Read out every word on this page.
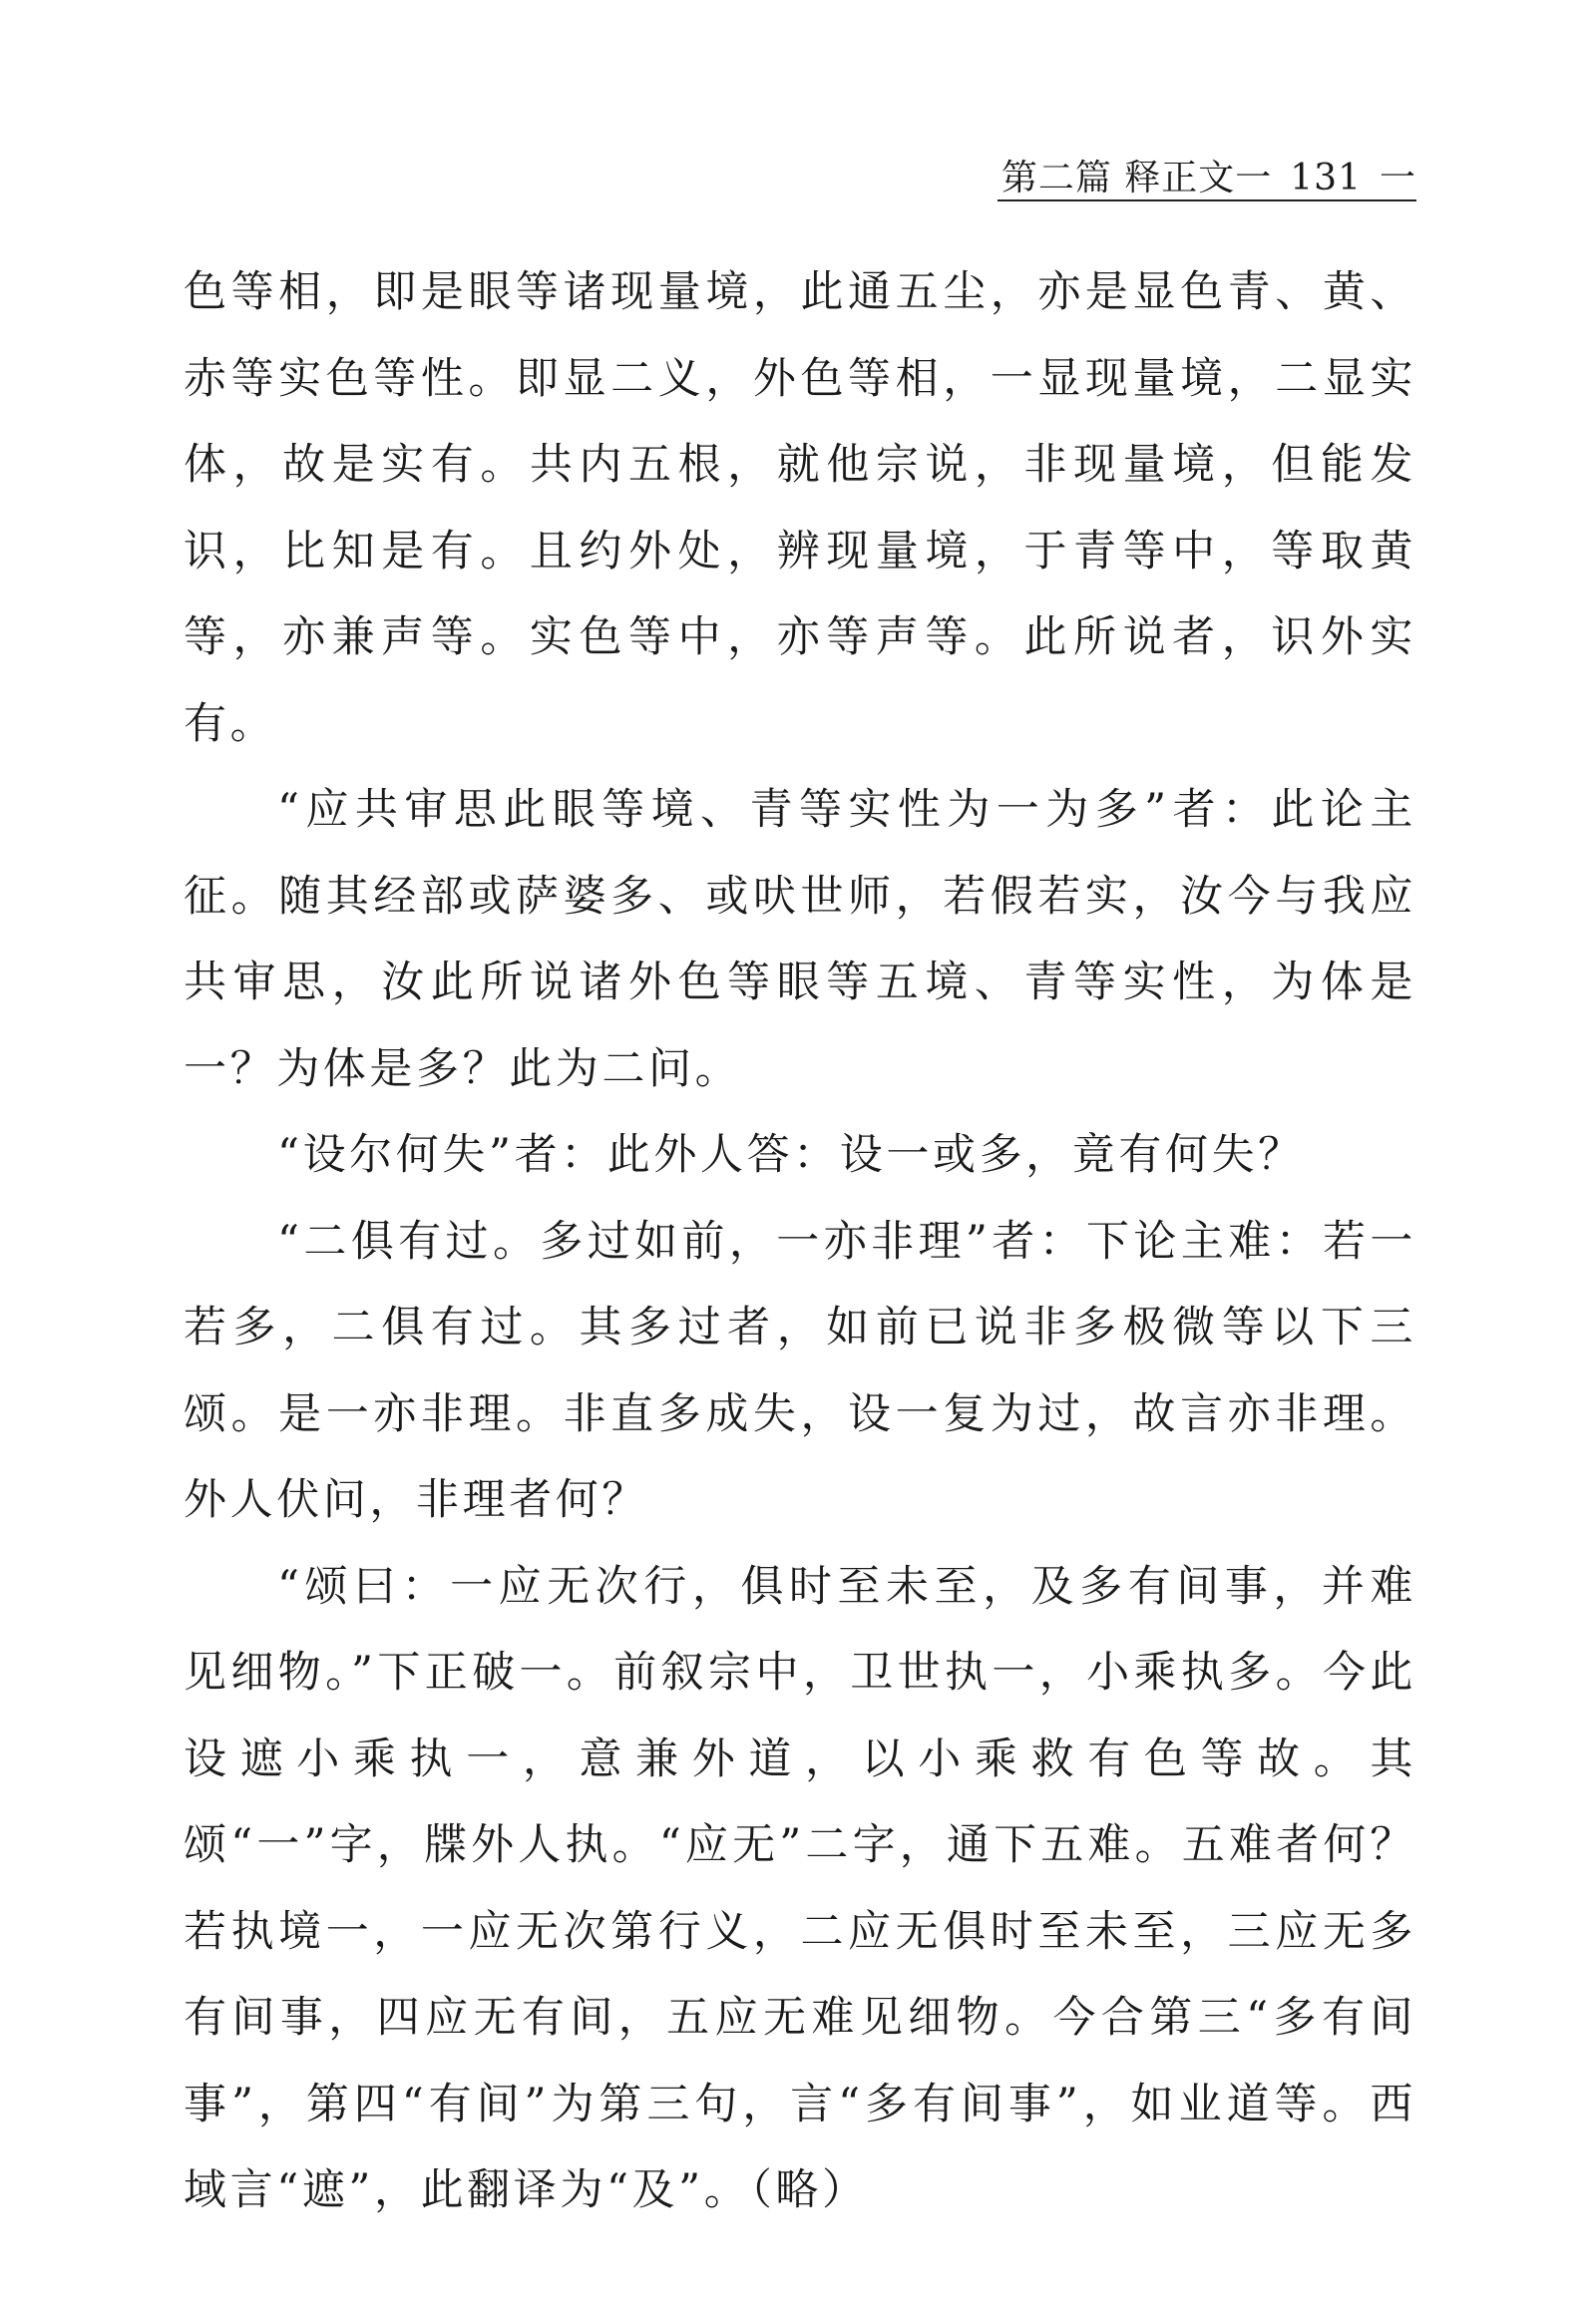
第二篇 释正文一 131 一

色等相，即是眼等诸现量境，此通五尘，亦是显色青、黄、赤等实色等性。即显二义，外色等相，一显现量境，二显实体，故是实有。共内五根，就他宗说，非现量境，但能发识，比知是有。且约外处，辨现量境，于青等中，等取黄等，亦兼声等。实色等中，亦等声等。此所说者，识外实有。

“应共审思此眼等境、青等实性为一为多”者：此论主征。随其经部或萨婆多、或吠世师，若假若实，汝今与我应共审思，汝此所说诸外色等眼等五境、青等实性，为体是一？为体是多？此为二问。

“设尔何失”者：此外人答：设一或多，竟有何失？

“二俱有过。多过如前，一亦非理”者：下论主难：若一若多，二俱有过。其多过者，如前已说非多极微等以下三颂。是一亦非理。非直多成失，设一复为过，故言亦非理。外人伏问，非理者何？

“颂曰：一应无次行，俱时至未至，及多有间事，并难见细物。”下正破一。前叙宗中，卫世执一，小乘执多。今此设遮小乘执一，意兼外道，以小乘救有色等故。其颂“一”字，牒外人执。“应无”二字，通下五难。五难者何？若执境一，一应无次第行义，二应无俱时至未至，三应无多有间事，四应无有间，五应无难见细物。今合第三“多有间事”，第四“有间”为第三句，言“多有间事”，如业道等。西域言“遮”，此翻译为“及”。（略）
